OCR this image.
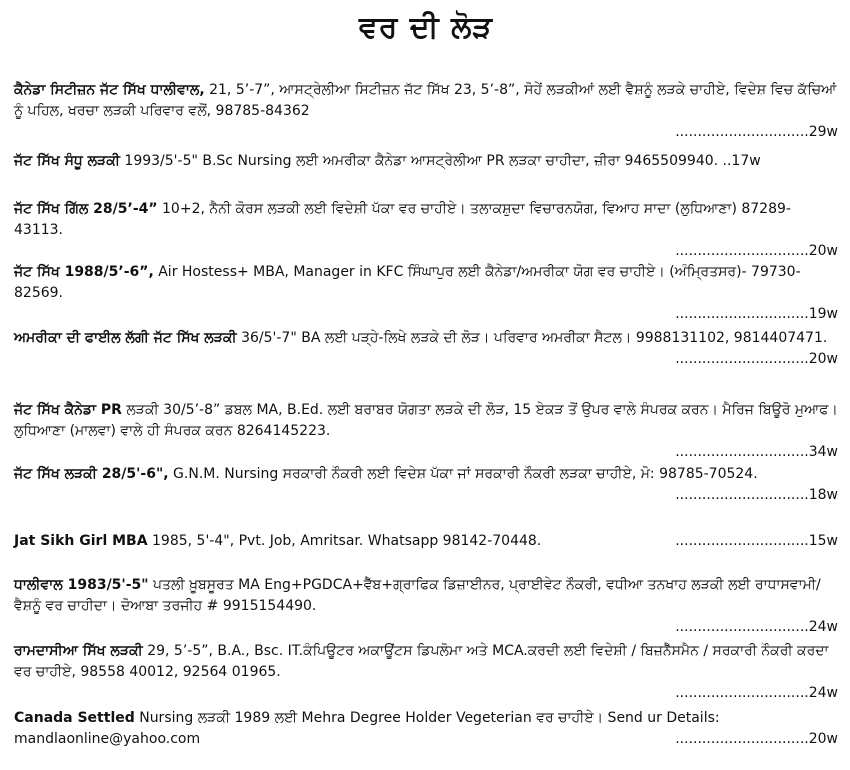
ਵਰ ਦੀ ਲੋੜ
ਕੈਨੇਡਾ ਸਿਟੀਜ਼ਨ ਜੱਟ ਸਿੱਖ ਧਾਲੀਵਾਲ, 21, 5’-7”, ਆਸਟ੍ਰੇਲੀਆ ਸਿਟੀਜ਼ਨ ਜੱਟ ਸਿੱਖ 23, 5’-8”, ਸੋਹੇਂ ਲੜਕੀਆਂ ਲਈ ਵੈਸ਼ਨੂੰ ਲੜਕੇ ਚਾਹੀਏ, ਵਿਦੇਸ਼ ਵਿਚ ਕੱਚਿਆਂ ਨੂੰ ਪਹਿਲ, ਖਰਚਾ ਲੜਕੀ ਪਰਿਵਾਰ ਵਲੋਂ, 98785-84362
..............................29w
ਜੱਟ ਸਿੱਖ ਸੰਧੂ ਲੜਕੀ 1993/5'-5" B.Sc Nursing ਲਈ ਅਮਰੀਕਾ ਕੈਨੇਡਾ ਆਸਟ੍ਰੇਲੀਆ PR ਲੜਕਾ ਚਾਹੀਦਾ, ਜ਼ੀਰਾ 9465509940. ..17w
ਜੱਟ ਸਿੱਖ ਗਿੱਲ 28/5’-4” 10+2, ਨੈਨੀ ਕੋਰਸ ਲੜਕੀ ਲਈ ਵਿਦੇਸ਼ੀ ਪੱਕਾ ਵਰ ਚਾਹੀਏ। ਤਲਾਕਸ਼ੁਦਾ ਵਿਚਾਰਨਯੋਗ, ਵਿਆਹ ਸਾਦਾ (ਲੁਧਿਆਣਾ) 87289-43113.
..............................20w
ਜੱਟ ਸਿੱਖ 1988/5’-6”, Air Hostess+ MBA, Manager in KFC ਸਿੰਘਾਪੁਰ ਲਈ ਕੈਨੇਡਾ/ਅਮਰੀਕਾ ਯੋਗ ਵਰ ਚਾਹੀਏ। (ਅੰਮ੍ਰਿਤਸਰ)- 79730-82569.
..............................19w
ਅਮਰੀਕਾ ਦੀ ਫਾਈਲ ਲੱਗੀ ਜੱਟ ਸਿੱਖ ਲੜਕੀ 36/5'-7" BA ਲਈ ਪੜ੍ਹੇ-ਲਿਖੇ ਲੜਕੇ ਦੀ ਲੋੜ। ਪਰਿਵਾਰ ਅਮਰੀਕਾ ਸੈਟਲ। 9988131102, 9814407471.
..............................20w
ਜੱਟ ਸਿੱਖ ਕੈਨੇਡਾ PR ਲੜਕੀ 30/5’-8” ਡਬਲ MA, B.Ed. ਲਈ ਬਰਾਬਰ ਯੋਗਤਾ ਲੜਕੇ ਦੀ ਲੋੜ, 15 ਏਕੜ ਤੋਂ ਉਪਰ ਵਾਲੇ ਸੰਪਰਕ ਕਰਨ। ਮੈਰਿਜ ਬਿਊਰੋ ਮੁਆਫ। ਲੁਧਿਆਣਾ (ਮਾਲਵਾ) ਵਾਲੇ ਹੀ ਸੰਪਰਕ ਕਰਨ 8264145223.
..............................34w
ਜੱਟ ਸਿੱਖ ਲੜਕੀ 28/5'-6", G.N.M. Nursing ਸਰਕਾਰੀ ਨੌਕਰੀ ਲਈ ਵਿਦੇਸ਼ ਪੱਕਾ ਜਾਂ ਸਰਕਾਰੀ ਨੌਕਰੀ ਲੜਕਾ ਚਾਹੀਏ, ਮੋ: 98785-70524.
..............................18w
Jat Sikh Girl MBA 1985, 5'-4", Pvt. Job, Amritsar. Whatsapp 98142-70448.	..............................15w
ਧਾਲੀਵਾਲ 1983/5'-5" ਪਤਲੀ ਖ਼ੂਬਸੂਰਤ MA Eng+PGDCA+ਵੈੱਬ+ਗ੍ਰਾਫਿਕ ਡਿਜ਼ਾਈਨਰ, ਪ੍ਰਾਈਵੇਟ ਨੌਕਰੀ, ਵਧੀਆ ਤਨਖਾਹ ਲੜਕੀ ਲਈ ਰਾਧਾਸਵਾਮੀ/ਵੈਸ਼ਨੂੰ ਵਰ ਚਾਹੀਦਾ। ਦੋਆਬਾ ਤਰਜੀਹ # 9915154490.
..............................24w
ਰਾਮਦਾਸੀਆ ਸਿੱਖ ਲੜਕੀ 29, 5’-5”, B.A., Bsc. IT.ਕੰਪਿਊਟਰ ਅਕਾਊਂਟਸ ਡਿਪਲੋਮਾ ਅਤੇ MCA.ਕਰਦੀ ਲਈ ਵਿਦੇਸ਼ੀ / ਬਿਜ਼ਨੈੱਸਮੈਨ / ਸਰਕਾਰੀ ਨੌਕਰੀ ਕਰਦਾ ਵਰ ਚਾਹੀਏ, 98558 40012, 92564 01965.
..............................24w
Canada Settled Nursing ਲੜਕੀ 1989 ਲਈ Mehra Degree Holder Vegeterian ਵਰ ਚਾਹੀਏ। Send ur Details: mandlaonline@yahoo.com	..............................20w
